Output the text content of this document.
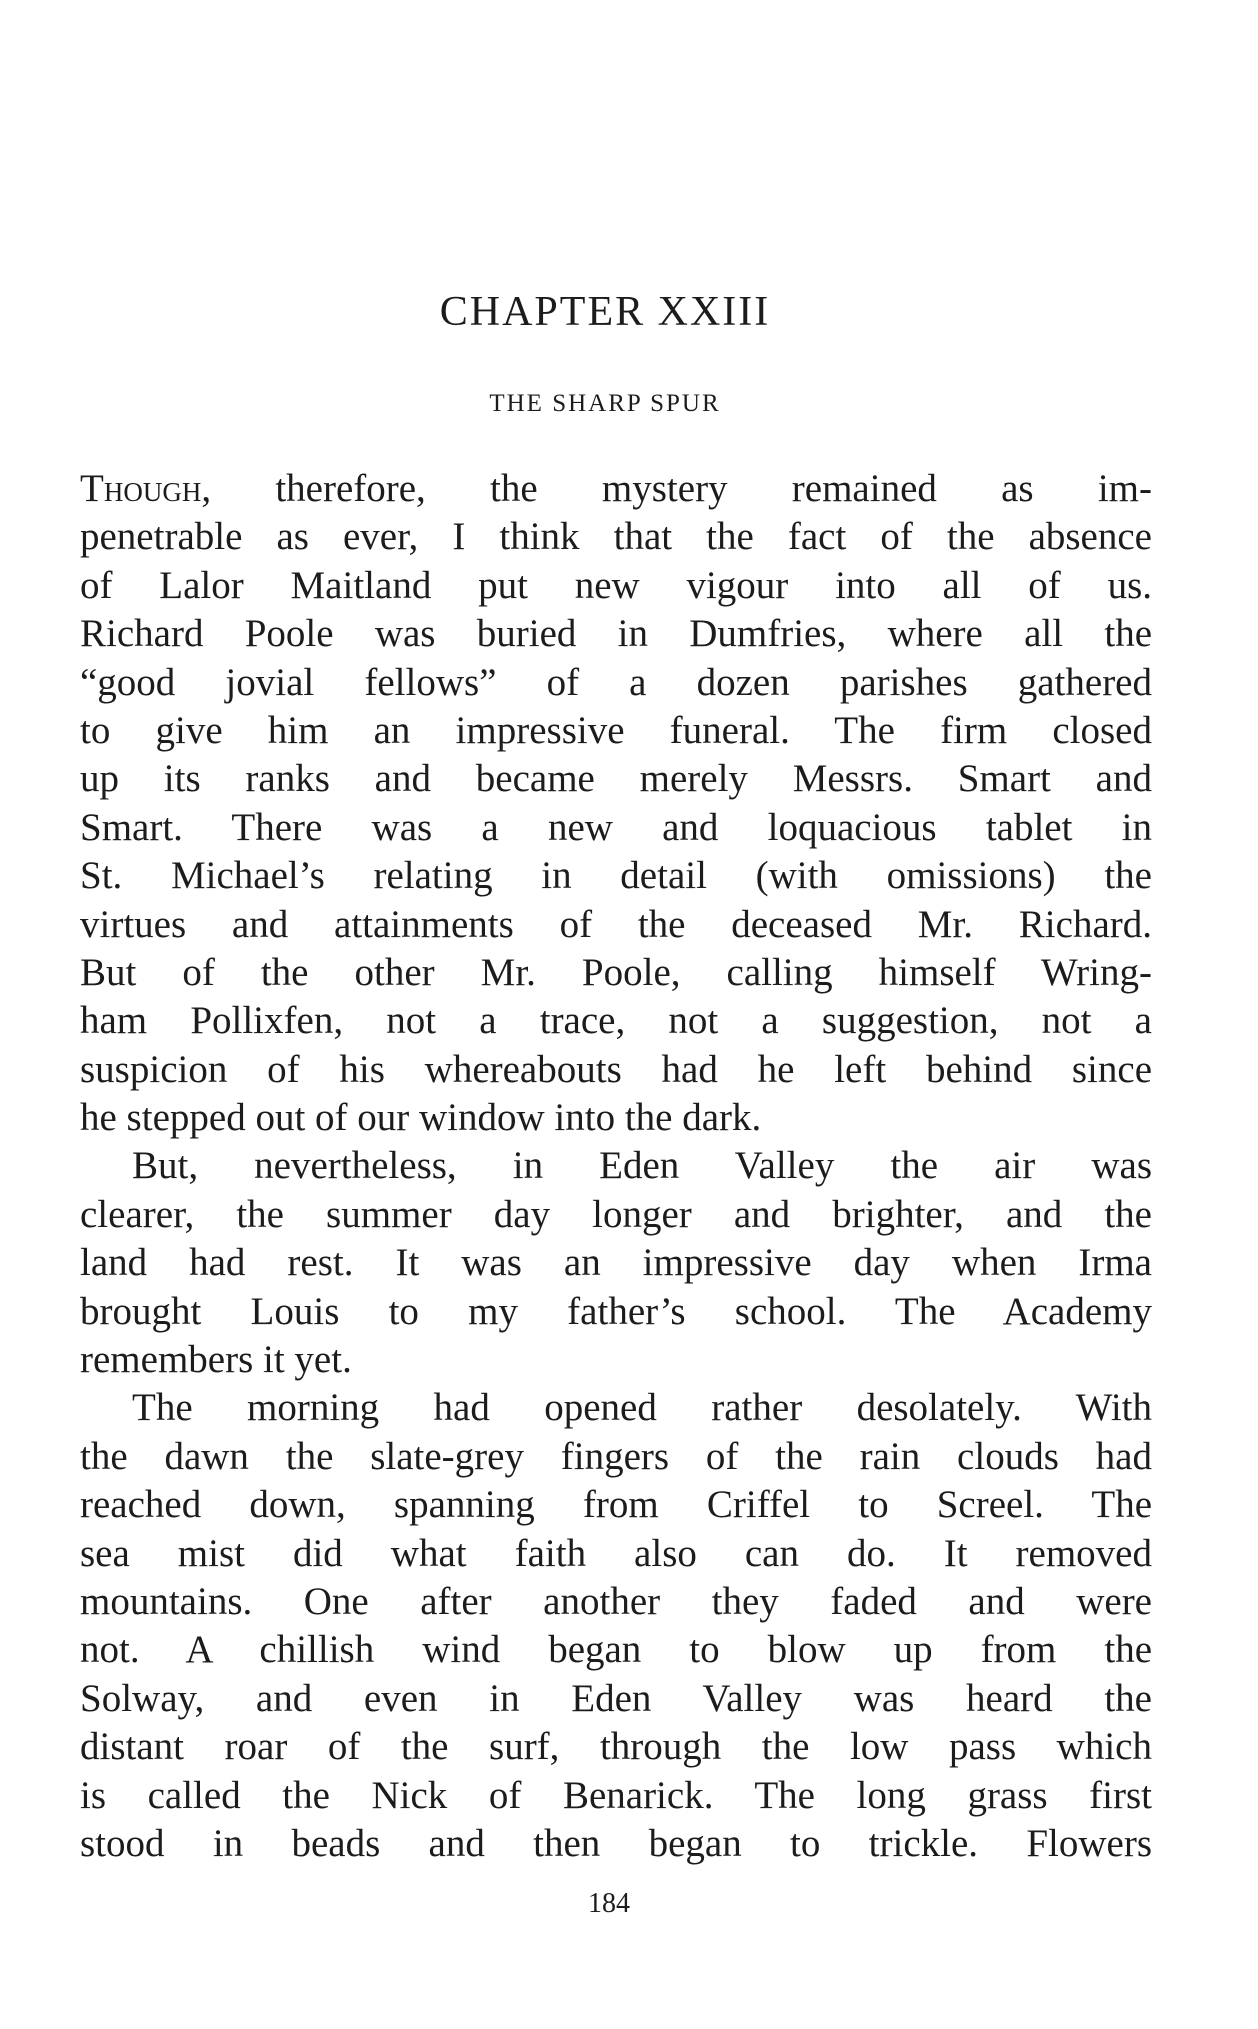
CHAPTER XXIII
THE SHARP SPUR
Though, therefore, the mystery remained as im-
penetrable as ever, I think that the fact of the absence
of Lalor Maitland put new vigour into all of us.
Richard Poole was buried in Dumfries, where all the
“good jovial fellows” of a dozen parishes gathered
to give him an impressive funeral. The firm closed
up its ranks and became merely Messrs. Smart and
Smart. There was a new and loquacious tablet in
St. Michael’s relating in detail (with omissions) the
virtues and attainments of the deceased Mr. Richard.
But of the other Mr. Poole, calling himself Wring-
ham Pollixfen, not a trace, not a suggestion, not a
suspicion of his whereabouts had he left behind since
he stepped out of our window into the dark.
But, nevertheless, in Eden Valley the air was
clearer, the summer day longer and brighter, and the
land had rest. It was an impressive day when Irma
brought Louis to my father’s school. The Academy
remembers it yet.
The morning had opened rather desolately. With
the dawn the slate-grey fingers of the rain clouds had
reached down, spanning from Criffel to Screel. The
sea mist did what faith also can do. It removed
mountains. One after another they faded and were
not. A chillish wind began to blow up from the
Solway, and even in Eden Valley was heard the
distant roar of the surf, through the low pass which
is called the Nick of Benarick. The long grass first
stood in beads and then began to trickle. Flowers

184
